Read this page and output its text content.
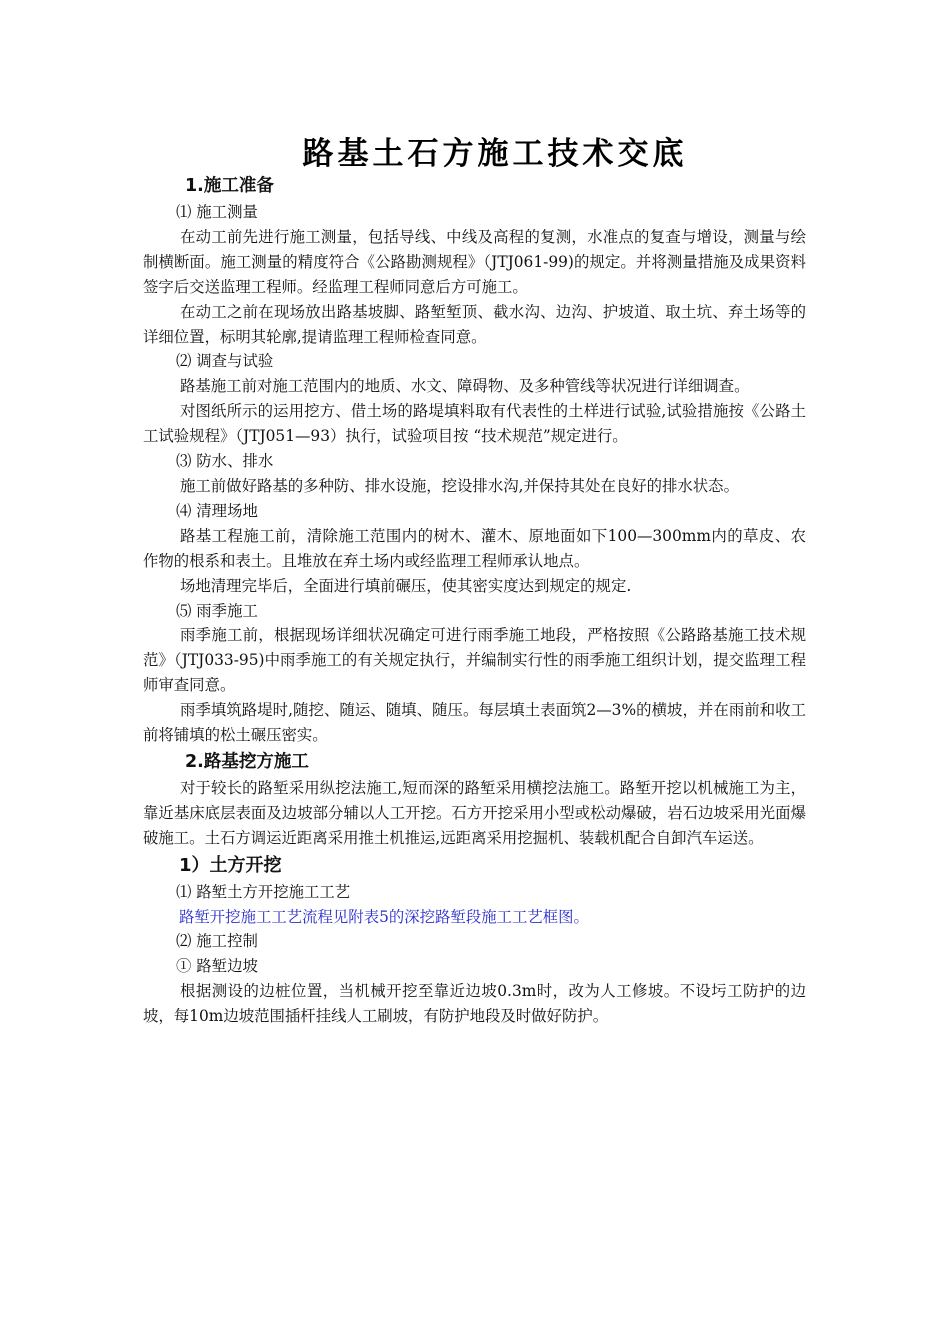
路基土石方施工技术交底
1.施工准备
⑴ 施工测量

在动工前先进行施工测量，包括导线、中线及高程的复测，水准点的复查与增设，测量与绘制横断面。施工测量的精度符合《公路勘测规程》（JTJ061-99)的规定。并将测量措施及成果资料签字后交送监理工程师。经监理工程师同意后方可施工。

在动工之前在现场放出路基坡脚、路堑堑顶、截水沟、边沟、护坡道、取土坑、弃土场等的详细位置，标明其轮廓,提请监理工程师检查同意。

⑵ 调查与试验

路基施工前对施工范围内的地质、水文、障碍物、及多种管线等状况进行详细调查。

对图纸所示的运用挖方、借土场的路堤填料取有代表性的土样进行试验,试验措施按《公路土工试验规程》（JTJ051—93）执行，试验项目按 “技术规范”规定进行。

⑶ 防水、排水

施工前做好路基的多种防、排水设施，挖设排水沟,并保持其处在良好的排水状态。

⑷ 清理场地

路基工程施工前，清除施工范围内的树木、灌木、原地面如下100—300mm内的草皮、农作物的根系和表土。且堆放在弃土场内或经监理工程师承认地点。

场地清理完毕后，全面进行填前碾压，使其密实度达到规定的规定.

⑸ 雨季施工

雨季施工前，根据现场详细状况确定可进行雨季施工地段，严格按照《公路路基施工技术规范》（JTJ033-95)中雨季施工的有关规定执行，并编制实行性的雨季施工组织计划，提交监理工程师审查同意。

雨季填筑路堤时,随挖、随运、随填、随压。每层填土表面筑2—3%的横坡，并在雨前和收工前将铺填的松土碾压密实。

2.路基挖方施工

对于较长的路堑采用纵挖法施工,短而深的路堑采用横挖法施工。路堑开挖以机械施工为主，靠近基床底层表面及边坡部分辅以人工开挖。石方开挖采用小型或松动爆破，岩石边坡采用光面爆破施工。土石方调运近距离采用推土机推运,远距离采用挖掘机、装载机配合自卸汽车运送。

1）土方开挖
⑴ 路堑土方开挖施工工艺
路堑开挖施工工艺流程见附表5的深挖路堑段施工工艺框图。
⑵ 施工控制
① 路堑边坡

根据测设的边桩位置，当机械开挖至靠近边坡0.3m时，改为人工修坡。不设圬工防护的边坡，每10m边坡范围插杆挂线人工刷坡，有防护地段及时做好防护。
